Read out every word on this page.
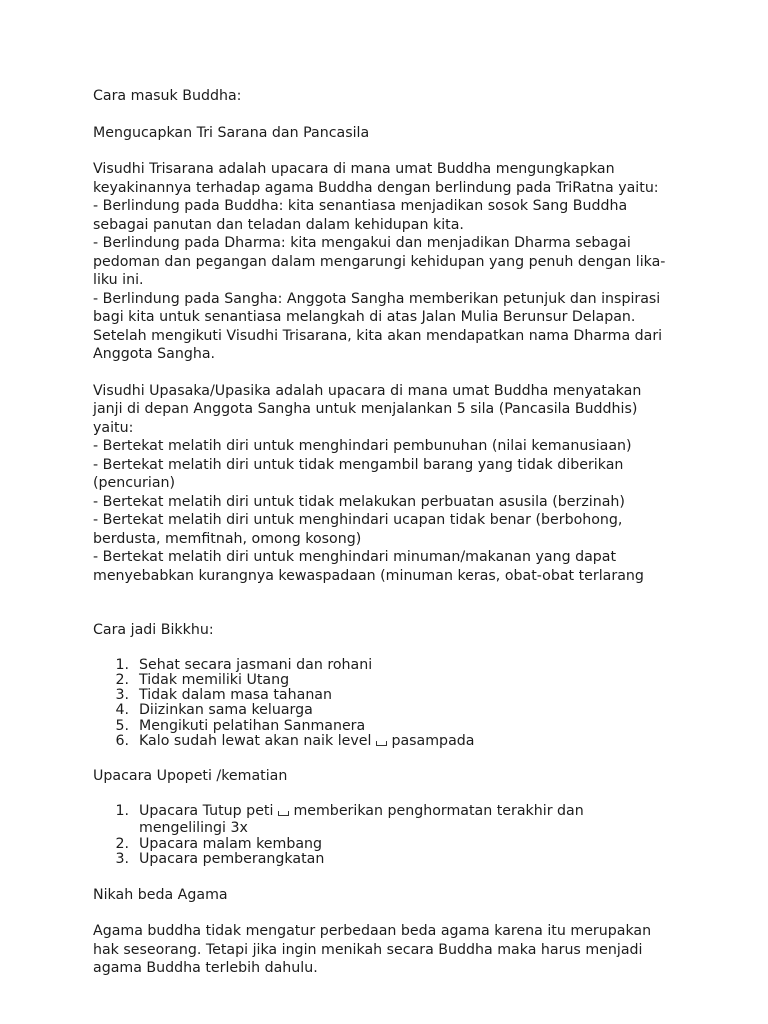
Cara masuk Buddha:
Mengucapkan Tri Sarana dan Pancasila
Visudhi Trisarana adalah upacara di mana umat Buddha mengungkapkan
keyakinannya terhadap agama Buddha dengan berlindung pada TriRatna yaitu:
- Berlindung pada Buddha: kita senantiasa menjadikan sosok Sang Buddha
sebagai panutan dan teladan dalam kehidupan kita.
- Berlindung pada Dharma: kita mengakui dan menjadikan Dharma sebagai
pedoman dan pegangan dalam mengarungi kehidupan yang penuh dengan lika-
liku ini.
- Berlindung pada Sangha: Anggota Sangha memberikan petunjuk dan inspirasi
bagi kita untuk senantiasa melangkah di atas Jalan Mulia Berunsur Delapan.
Setelah mengikuti Visudhi Trisarana, kita akan mendapatkan nama Dharma dari
Anggota Sangha.
Visudhi Upasaka/Upasika adalah upacara di mana umat Buddha menyatakan
janji di depan Anggota Sangha untuk menjalankan 5 sila (Pancasila Buddhis)
yaitu:
- Bertekat melatih diri untuk menghindari pembunuhan (nilai kemanusiaan)
- Bertekat melatih diri untuk tidak mengambil barang yang tidak diberikan
(pencurian)
- Bertekat melatih diri untuk tidak melakukan perbuatan asusila (berzinah)
- Bertekat melatih diri untuk menghindari ucapan tidak benar (berbohong,
berdusta, memfitnah, omong kosong)
- Bertekat melatih diri untuk menghindari minuman/makanan yang dapat
menyebabkan kurangnya kewaspadaan (minuman keras, obat-obat terlarang
Cara jadi Bikkhu:
1. Sehat secara jasmani dan rohani
2. Tidak memiliki Utang
3. Tidak dalam masa tahanan
4. Diizinkan sama keluarga
5. Mengikuti pelatihan Sanmanera
6. Kalo sudah lewat akan naik level pasampada
Upacara Upopeti /kematian
1. Upacara Tutup peti memberikan penghormatan terakhir dan
mengelilingi 3x
2. Upacara malam kembang
3. Upacara pemberangkatan
Nikah beda Agama
Agama buddha tidak mengatur perbedaan beda agama karena itu merupakan
hak seseorang. Tetapi jika ingin menikah secara Buddha maka harus menjadi
agama Buddha terlebih dahulu.
